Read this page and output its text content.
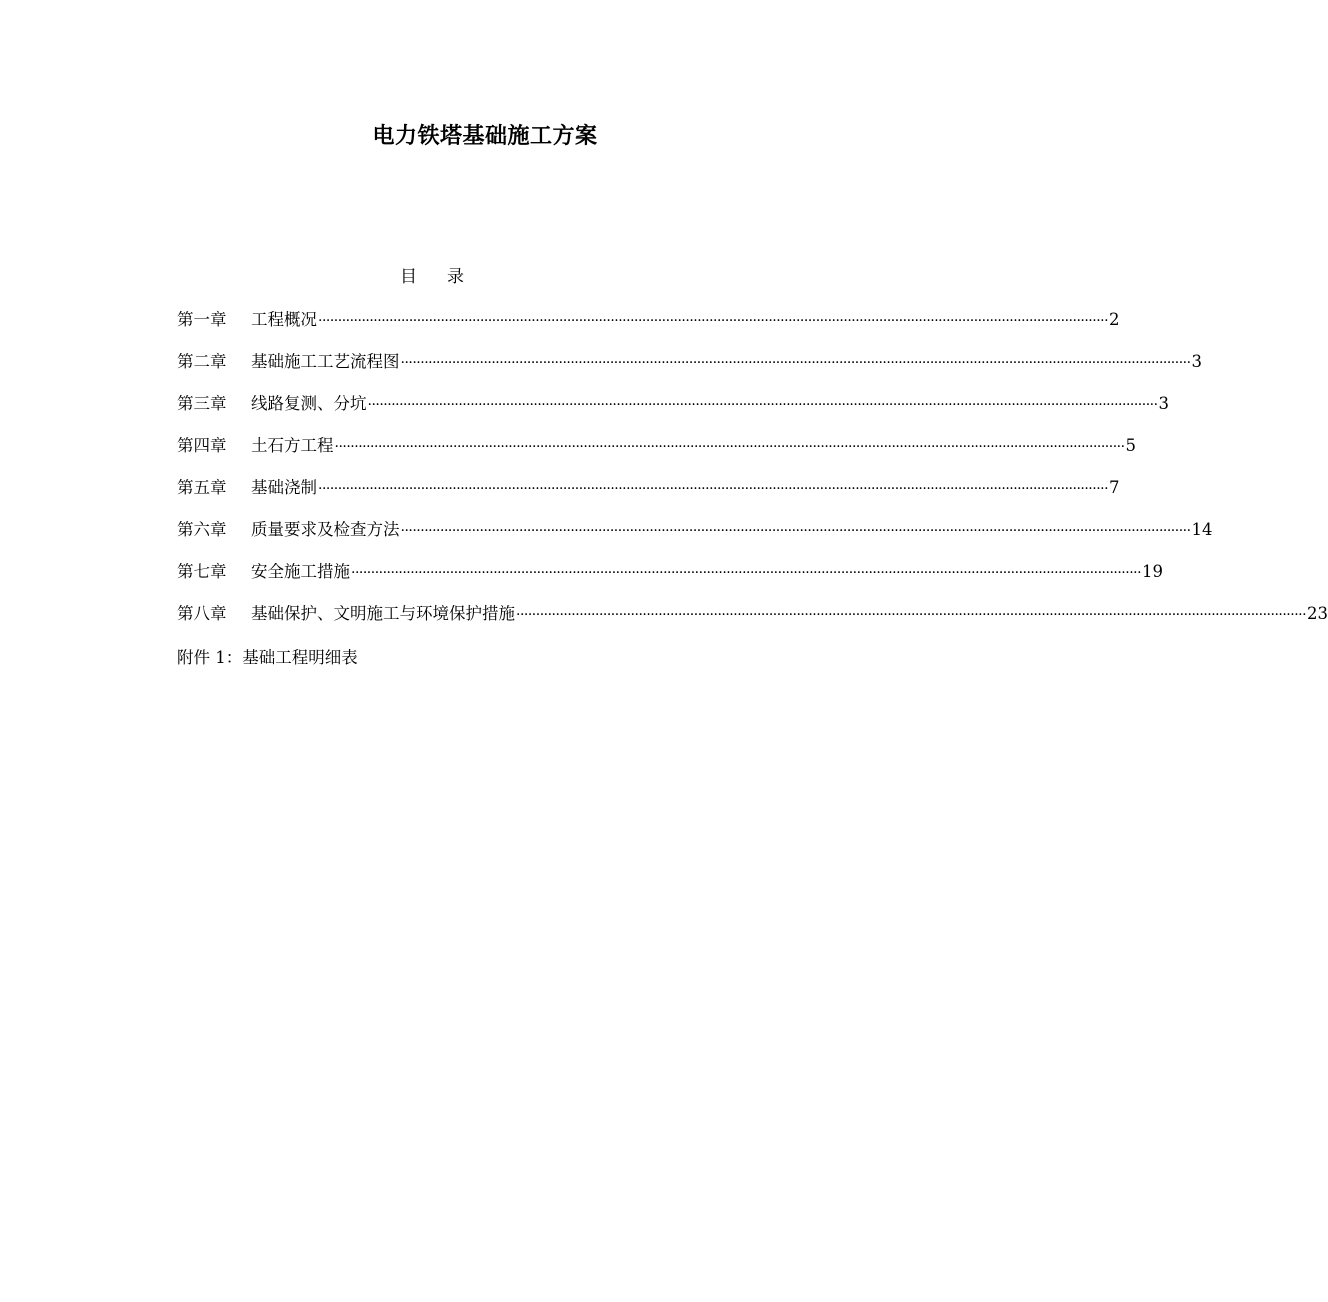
电力铁塔基础施工方案
目 录
第一章	工程概况 ········································································································································································································ 2
第二章	基础施工工艺流程图 ········································································································································································································ 3
第三章	线路复测、分坑 ········································································································································································································ 3
第四章	土石方工程 ········································································································································································································ 5
第五章	基础浇制 ········································································································································································································ 7
第六章	质量要求及检查方法 ········································································································································································································ 14
第七章	安全施工措施 ········································································································································································································ 19
第八章	基础保护、文明施工与环境保护措施 ········································································································································································································ 23
附件 1：基础工程明细表
